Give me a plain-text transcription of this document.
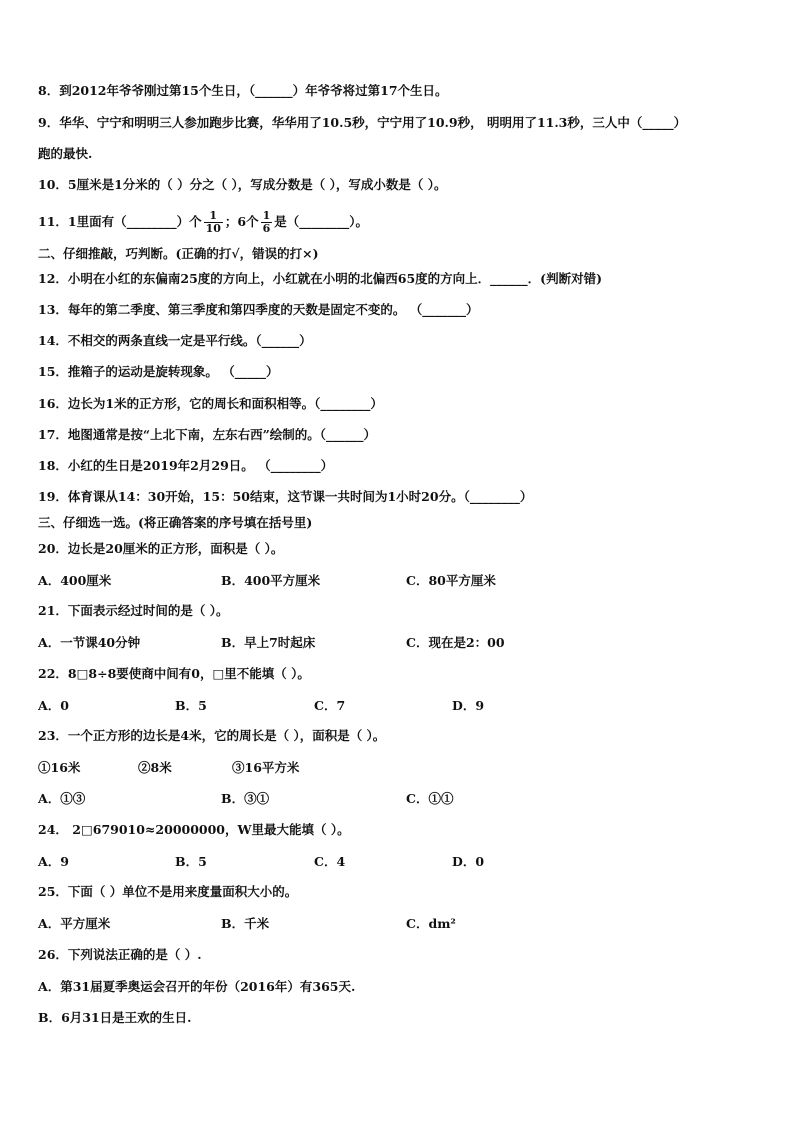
8．到2012年爷爷刚过第15个生日，（______）年爷爷将过第17个生日。
9．华华、宁宁和明明三人参加跑步比赛，华华用了10.5秒，宁宁用了10.9秒， 明明用了11.3秒，三人中（_____）
跑的最快.
10．5厘米是1分米的（ ）分之（ ），写成分数是（ ），写成小数是（ ）。
11．1里面有（________）个 $\frac{1}{10}$ ；6个 $\frac{1}{6}$ 是（________）。
二、仔细推敲，巧判断。(正确的打√，错误的打×)
12．小明在小红的东偏南25度的方向上，小红就在小明的北偏西65度的方向上．______．(判断对错)
13．每年的第二季度、第三季度和第四季度的天数是固定不变的。 （_______）
14．不相交的两条直线一定是平行线。（______）
15．推箱子的运动是旋转现象。 （_____）
16．边长为1米的正方形，它的周长和面积相等。（________）
17．地图通常是按“上北下南，左东右西”绘制的。（______）
18．小红的生日是2019年2月29日。 （________）
19．体育课从14：30开始，15：50结束，这节课一共时间为1小时20分。（________）
三、仔细选一选。(将正确答案的序号填在括号里)
20．边长是20厘米的正方形，面积是（ ）。
A．400厘米	B．400平方厘米	C．80平方厘米
21．下面表示经过时间的是（ ）。
A．一节课40分钟	B．早上7时起床	C．现在是2：00
22．8□8÷8要使商中间有0，□里不能填（ ）。
A．0	B．5	C．7	D．9
23．一个正方形的边长是4米，它的周长是（ ），面积是（ ）。
①16米	②8米	③16平方米
A．①③	B．③①	C．①①
24． 2□679010≈20000000，W里最大能填（ ）。
A．9	B．5	C．4	D．0
25．下面（ ）单位不是用来度量面积大小的。
A．平方厘米	B．千米	C．dm²
26．下列说法正确的是（ ）.
A．第31届夏季奥运会召开的年份（2016年）有365天.
B．6月31日是王欢的生日.
